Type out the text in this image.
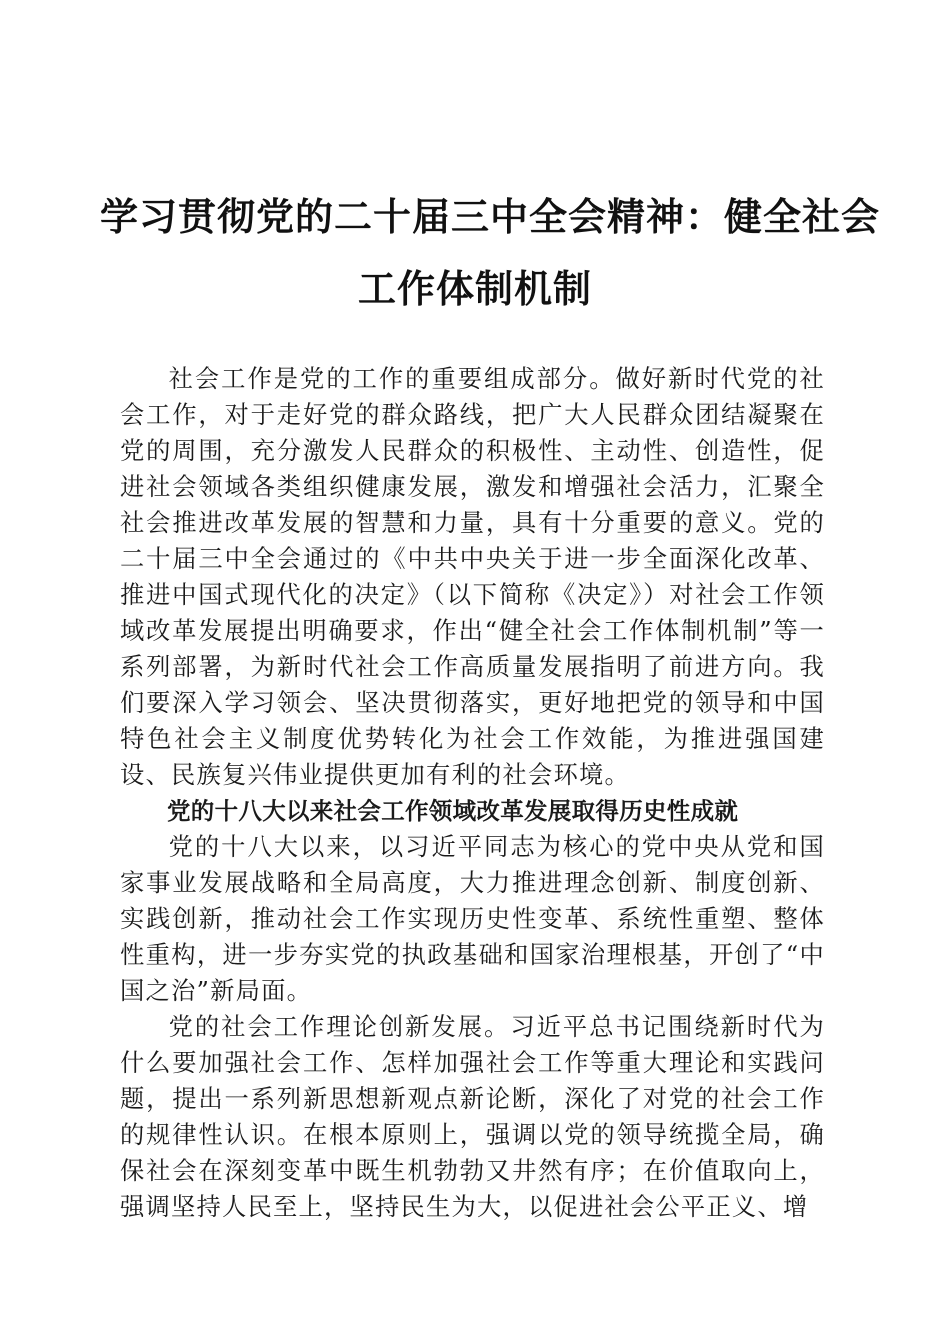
学习贯彻党的二十届三中全会精神：健全社会
工作体制机制

社会工作是党的工作的重要组成部分。做好新时代党的社会工作，对于走好党的群众路线，把广大人民群众团结凝聚在党的周围，充分激发人民群众的积极性、主动性、创造性，促进社会领域各类组织健康发展，激发和增强社会活力，汇聚全社会推进改革发展的智慧和力量，具有十分重要的意义。党的二十届三中全会通过的《中共中央关于进一步全面深化改革、推进中国式现代化的决定》（以下简称《决定》）对社会工作领域改革发展提出明确要求，作出“健全社会工作体制机制”等一系列部署，为新时代社会工作高质量发展指明了前进方向。我们要深入学习领会、坚决贯彻落实，更好地把党的领导和中国特色社会主义制度优势转化为社会工作效能，为推进强国建设、民族复兴伟业提供更加有利的社会环境。

党的十八大以来社会工作领域改革发展取得历史性成就

党的十八大以来，以习近平同志为核心的党中央从党和国家事业发展战略和全局高度，大力推进理念创新、制度创新、实践创新，推动社会工作实现历史性变革、系统性重塑、整体性重构，进一步夯实党的执政基础和国家治理根基，开创了“中国之治”新局面。

党的社会工作理论创新发展。习近平总书记围绕新时代为什么要加强社会工作、怎样加强社会工作等重大理论和实践问题，提出一系列新思想新观点新论断，深化了对党的社会工作的规律性认识。在根本原则上，强调以党的领导统揽全局，确保社会在深刻变革中既生机勃勃又井然有序；在价值取向上，强调坚持人民至上，坚持民生为大，以促进社会公平正义、增
